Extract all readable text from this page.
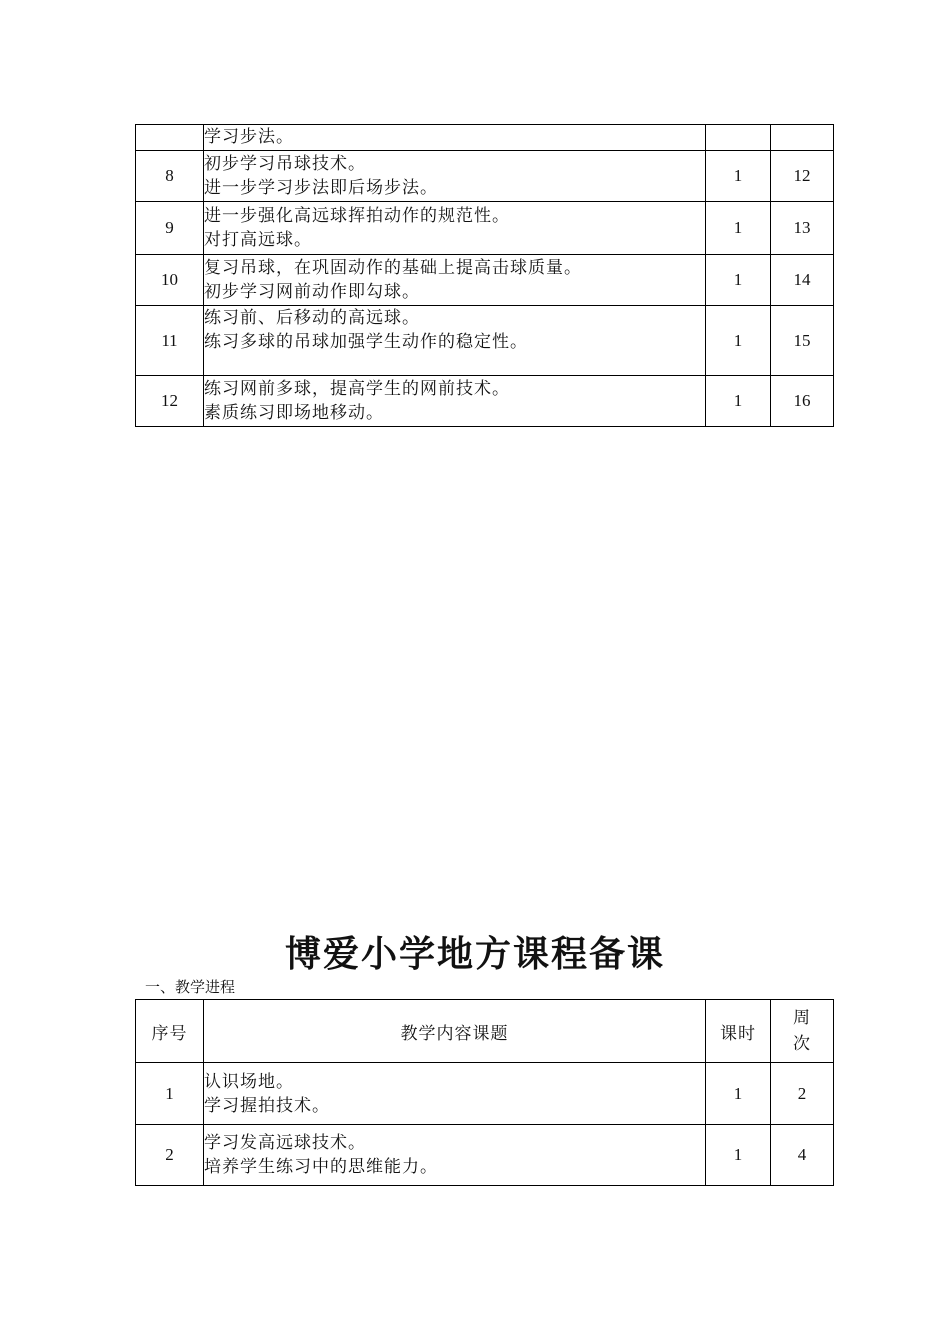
	学习步法。		

8	初步学习吊球技术。
进一步学习步法即后场步法。	1	12
9	进一步强化高远球挥拍动作的规范性。
对打高远球。	1	13
10	复习吊球，在巩固动作的基础上提高击球质量。
初步学习网前动作即勾球。	1	14
11	练习前、后移动的高远球。
练习多球的吊球加强学生动作的稳定性。	1	15
12	练习网前多球，提高学生的网前技术。
素质练习即场地移动。	1	16
博爱小学地方课程备课
一、教学进程
序号	教学内容课题	课时	周
次

1	认识场地。
学习握拍技术。	1	2
2	学习发高远球技术。
培养学生练习中的思维能力。	1	4
